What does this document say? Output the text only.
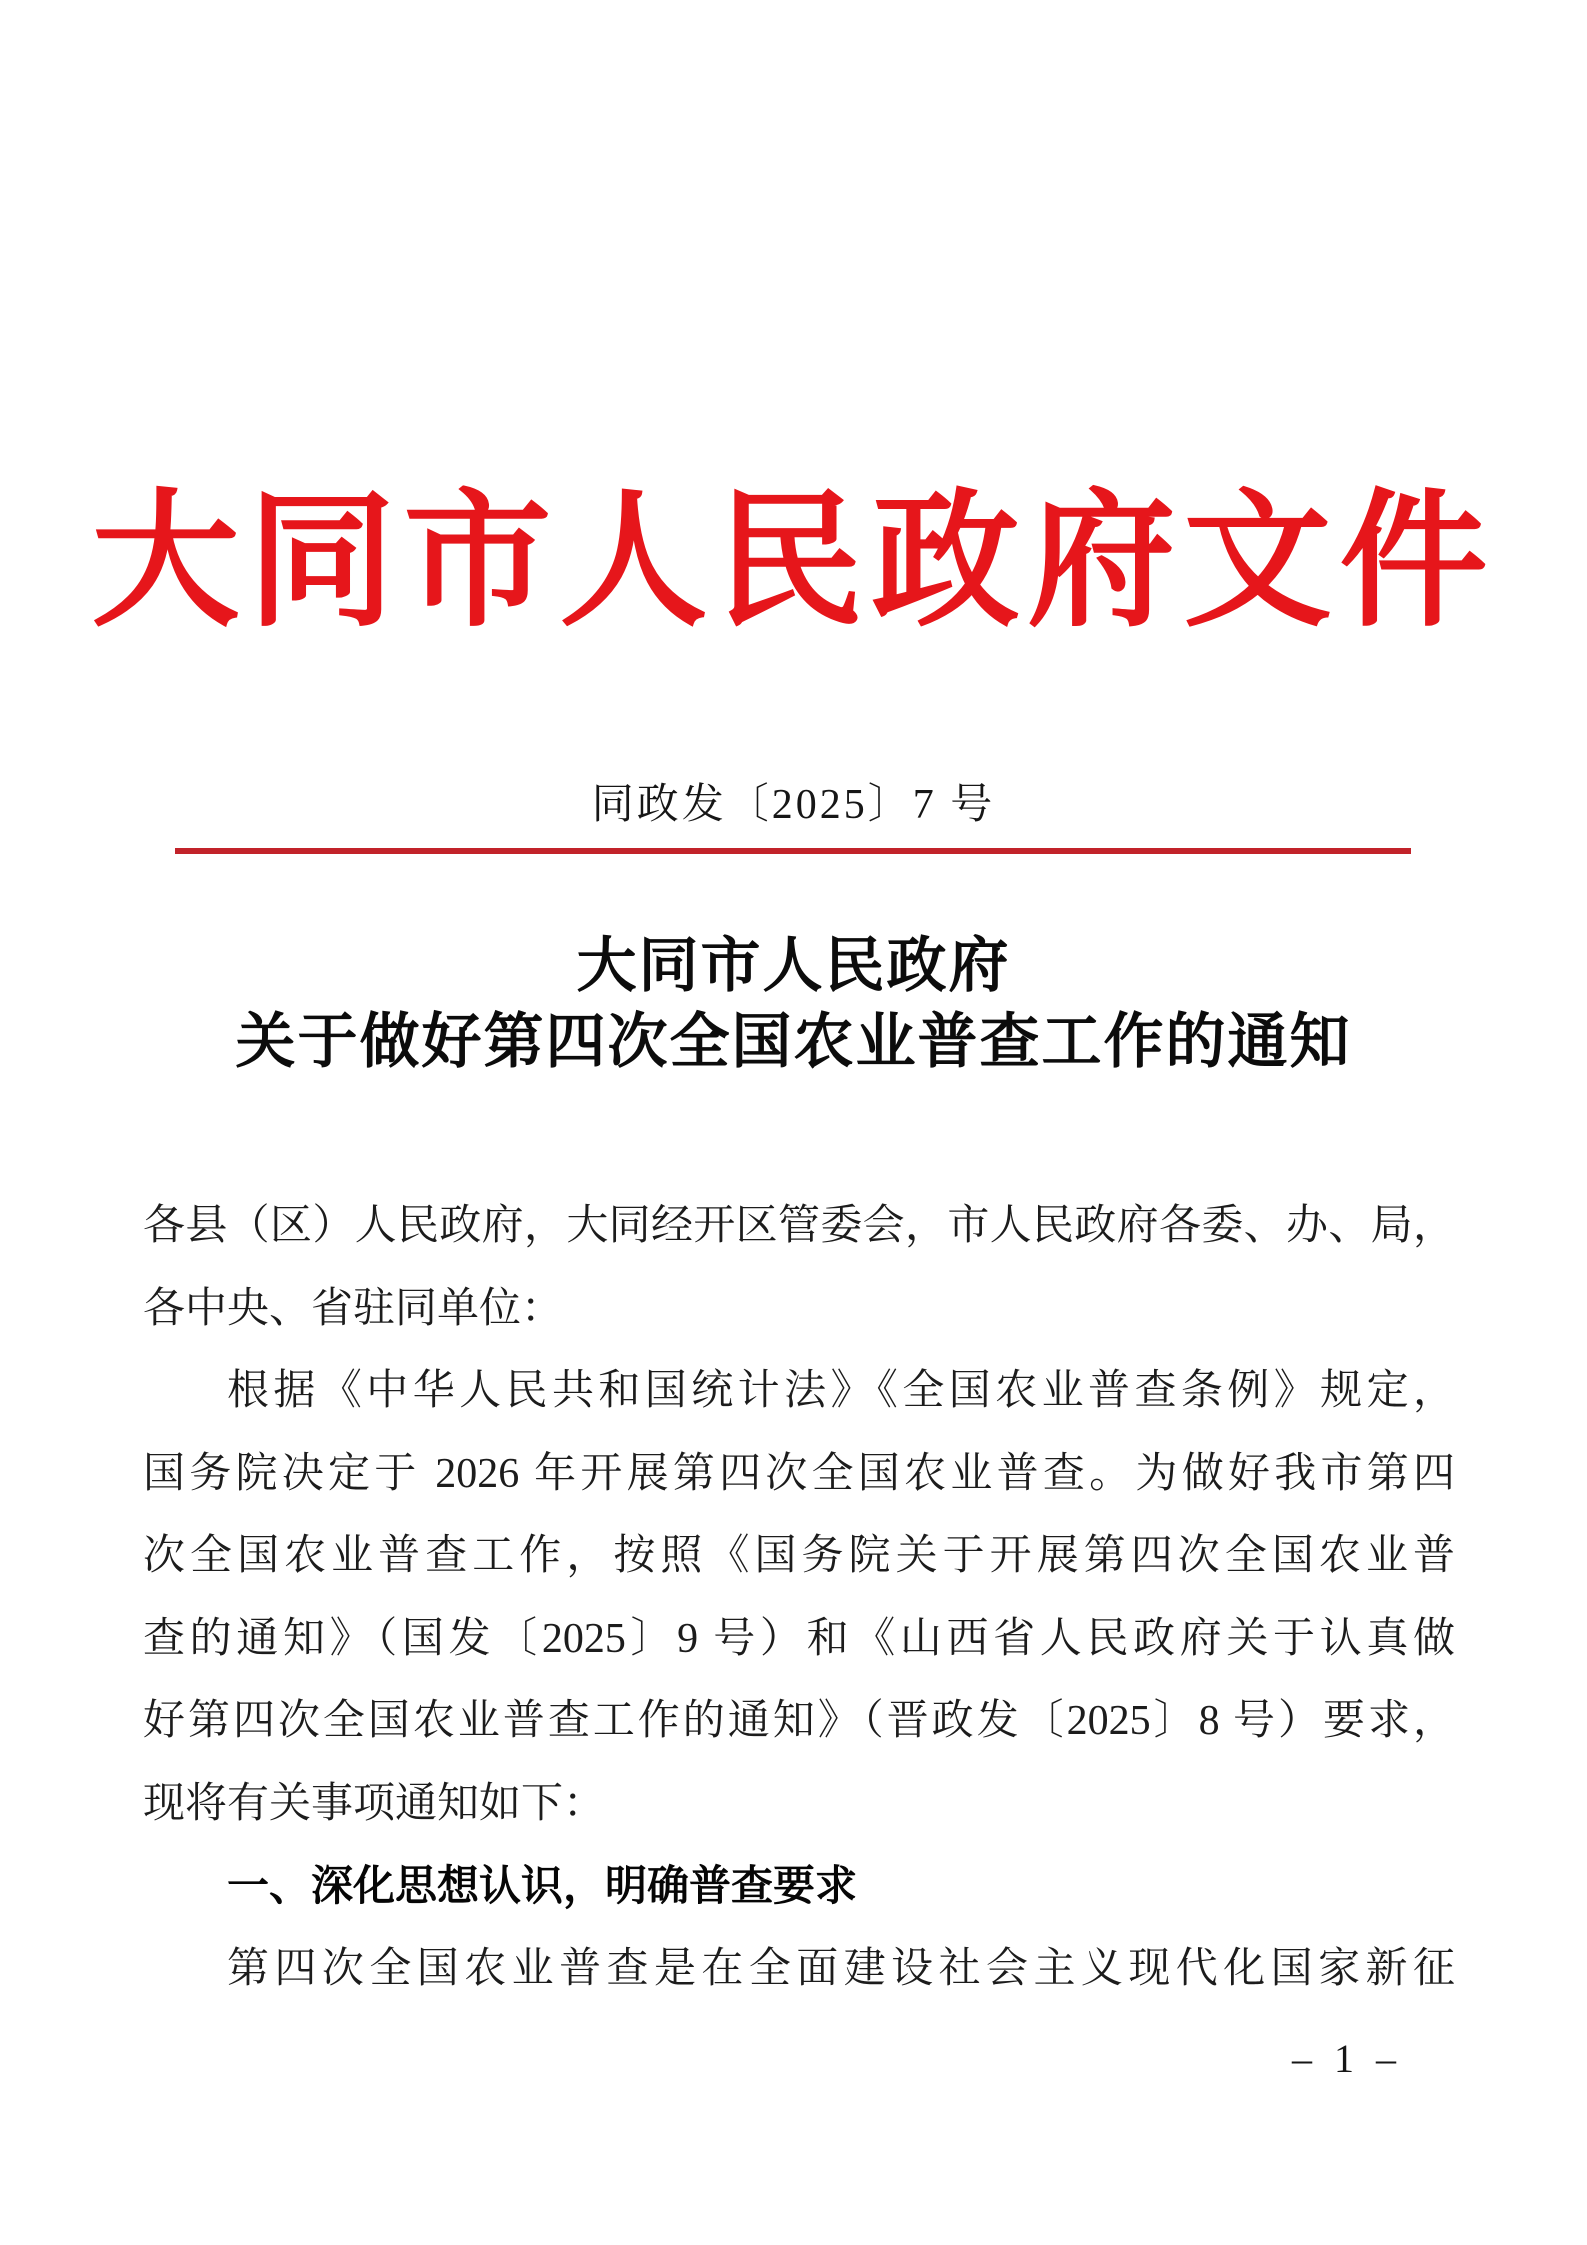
大同市人民政府文件
同政发〔2025〕7 号
大同市人民政府
关于做好第四次全国农业普查工作的通知
各县（区）人民政府，大同经开区管委会，市人民政府各委、办、局，
各中央、省驻同单位：
根据《中华人民共和国统计法》《全国农业普查条例》规定，
国务院决定于 2026 年开展第四次全国农业普查。为做好我市第四
次全国农业普查工作，按照《国务院关于开展第四次全国农业普
查的通知》（国发〔2025〕9 号）和《山西省人民政府关于认真做
好第四次全国农业普查工作的通知》（晋政发〔2025〕8 号）要求，
现将有关事项通知如下：
一、深化思想认识，明确普查要求
第四次全国农业普查是在全面建设社会主义现代化国家新征
– 1 –
